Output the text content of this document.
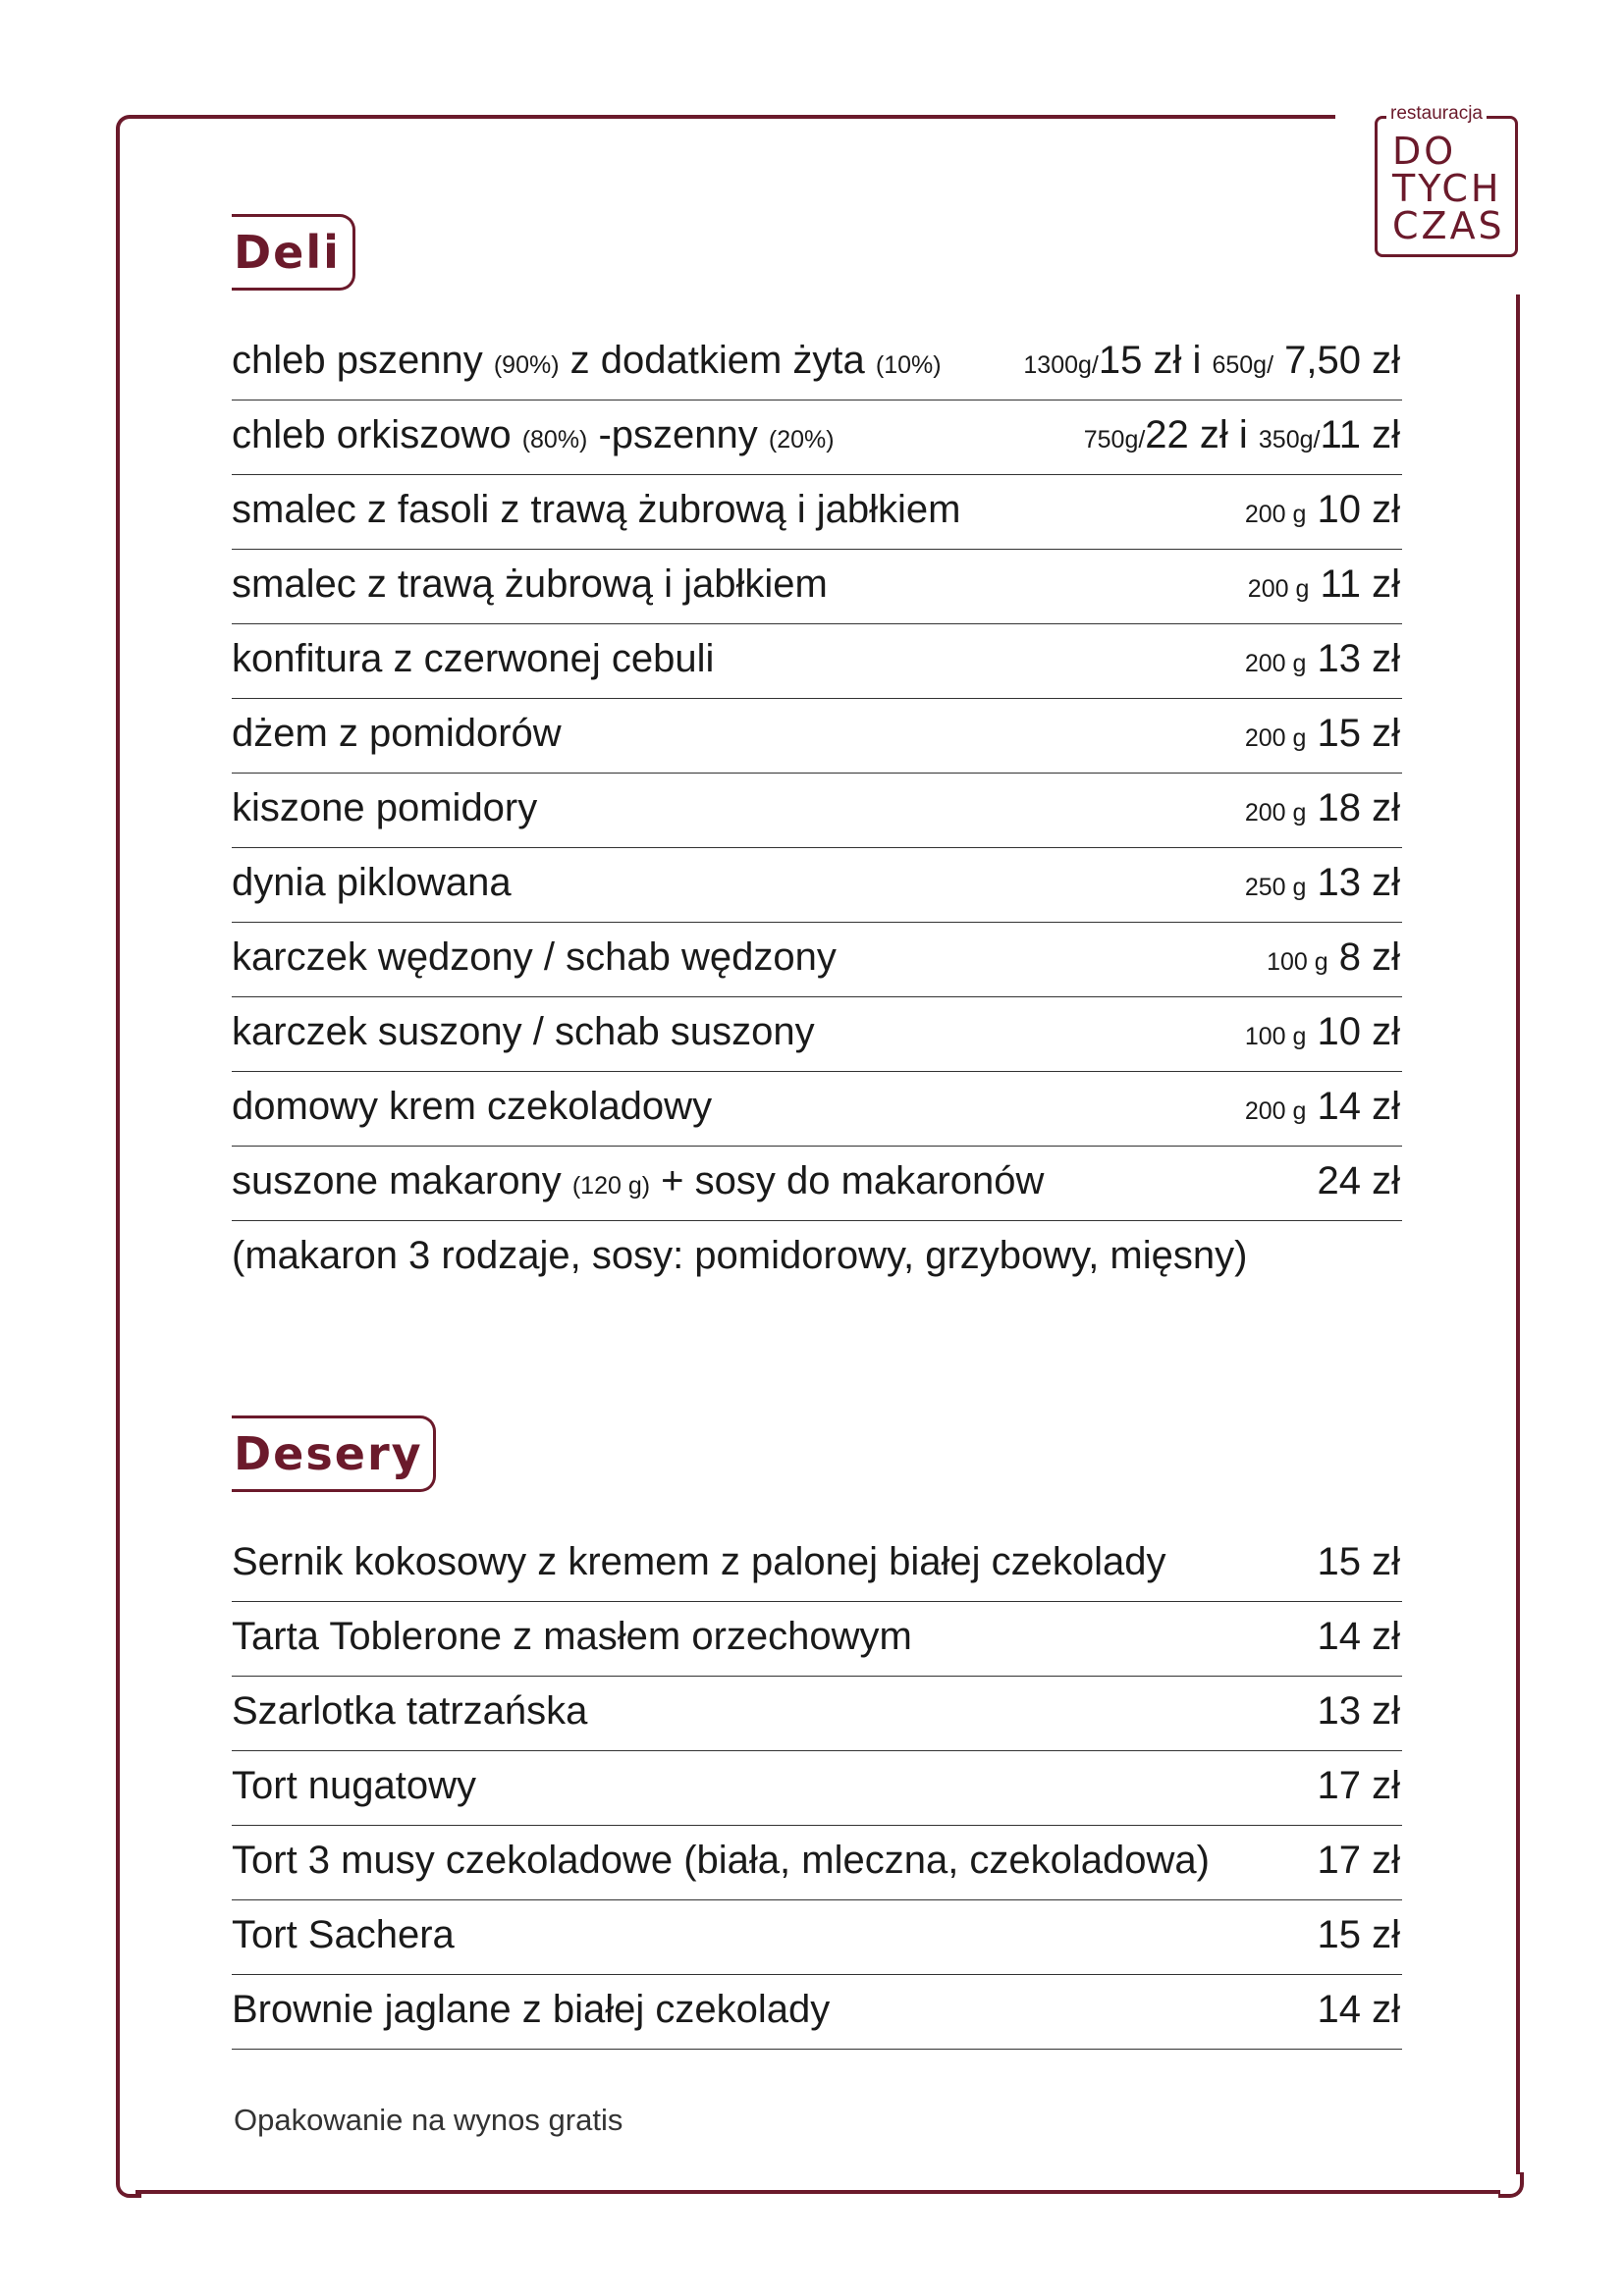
restauracja
DO
TYCH
CZAS
Deli
chleb pszenny (90%) z dodatkiem żyta (10%)	1300g/15 zł i 650g/ 7,50 zł
chleb orkiszowo (80%) -pszenny (20%)	750g/22 zł i 350g/11 zł
smalec z fasoli z trawą żubrową i jabłkiem	200 g 10 zł
smalec z trawą żubrową i jabłkiem	200 g 11 zł
konfitura z czerwonej cebuli	200 g 13 zł
dżem z pomidorów	200 g 15 zł
kiszone pomidory	200 g 18 zł
dynia piklowana	250 g 13 zł
karczek wędzony / schab wędzony	100 g 8 zł
karczek suszony / schab suszony	100 g 10 zł
domowy krem czekoladowy	200 g 14 zł
suszone makarony (120 g) + sosy do makaronów	24 zł
(makaron 3 rodzaje, sosy: pomidorowy, grzybowy, mięsny)
Desery
Sernik kokosowy z kremem z palonej białej czekolady	15 zł
Tarta Toblerone z masłem orzechowym	14 zł
Szarlotka tatrzańska	13 zł
Tort nugatowy	17 zł
Tort 3 musy czekoladowe (biała, mleczna, czekoladowa)	17 zł
Tort Sachera	15 zł
Brownie jaglane z białej czekolady	14 zł
Opakowanie na wynos gratis
